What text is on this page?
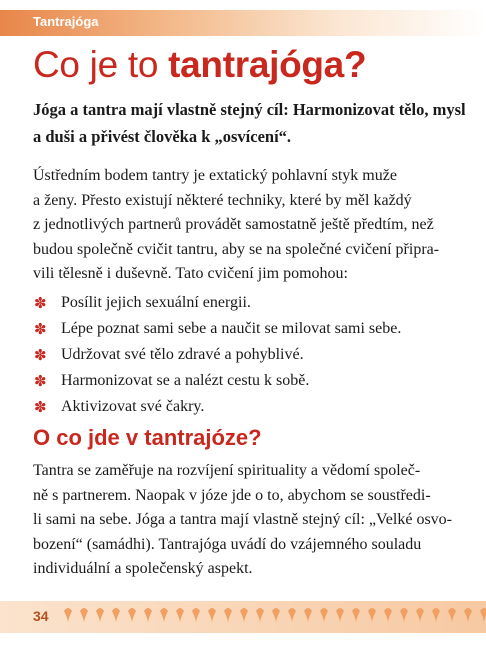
Tantrajóga
Co je to tantrajóga?

Jóga a tantra mají vlastně stejný cíl: Harmonizovat tělo, mysl
a duši a přivést člověka k „osvícení“.

Ústředním bodem tantry je extatický pohlavní styk muže
a ženy. Přesto existují některé techniky, které by měl každý
z jednotlivých partnerů provádět samostatně ještě předtím, než
budou společně cvičit tantru, aby se na společné cvičení připra-
vili tělesně i duševně. Tato cvičení jim pomohou:

✽ Posílit jejich sexuální energii.
✽ Lépe poznat sami sebe a naučit se milovat sami sebe.
✽ Udržovat své tělo zdravé a pohyblivé.
✽ Harmonizovat se a nalézt cestu k sobě.
✽ Aktivizovat své čakry.
O co jde v tantrajóze?

Tantra se zaměřuje na rozvíjení spirituality a vědomí společ-
ně s partnerem. Naopak v józe jde o to, abychom se soustředi-
li sami na sebe. Jóga a tantra mají vlastně stejný cíl: „Velké osvo-
bození“ (samádhi). Tantrajóga uvádí do vzájemného souladu
individuální a společenský aspekt.

34
